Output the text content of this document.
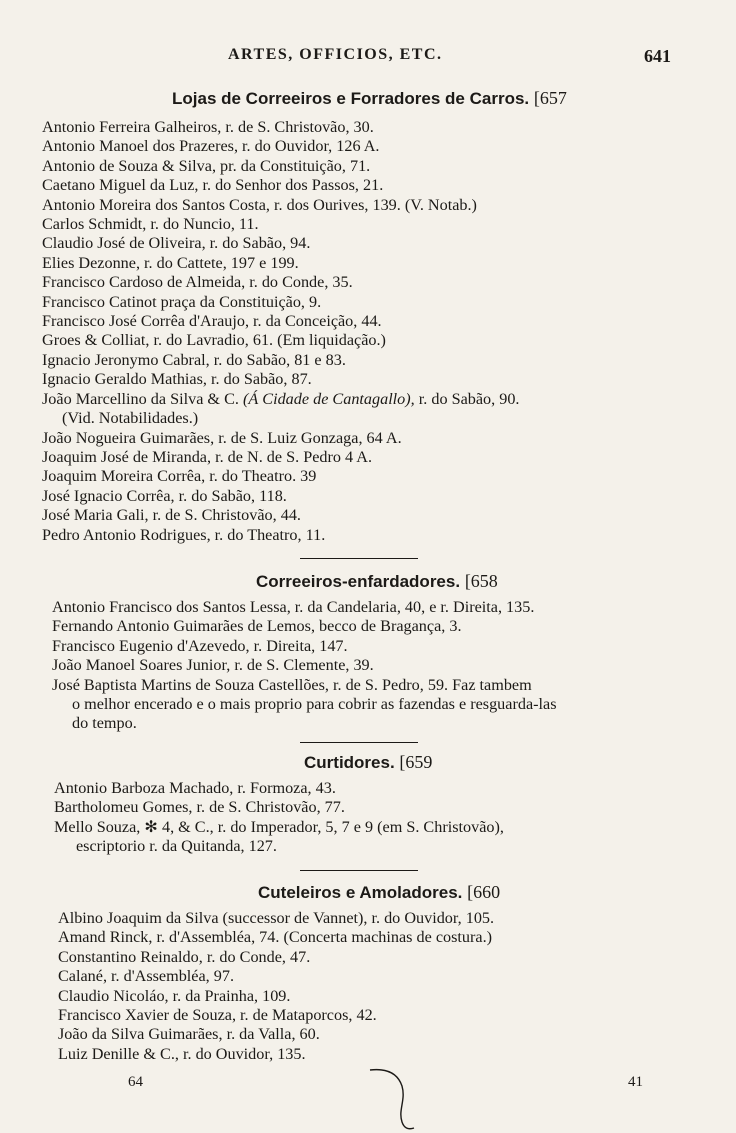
ARTES, OFFICIOS, ETC.	641
Lojas de Correeiros e Forradores de Carros. [657
Antonio Ferreira Galheiros, r. de S. Christovão, 30.
Antonio Manoel dos Prazeres, r. do Ouvidor, 126 A.
Antonio de Souza & Silva, pr. da Constituição, 71.
Caetano Miguel da Luz, r. do Senhor dos Passos, 21.
Antonio Moreira dos Santos Costa, r. dos Ourives, 139. (V. Notab.)
Carlos Schmidt, r. do Nuncio, 11.
Claudio José de Oliveira, r. do Sabão, 94.
Elies Dezonne, r. do Cattete, 197 e 199.
Francisco Cardoso de Almeida, r. do Conde, 35.
Francisco Catinot praça da Constituição, 9.
Francisco José Corrêa d'Araujo, r. da Conceição, 44.
Groes & Colliat, r. do Lavradio, 61. (Em liquidação.)
Ignacio Jeronymo Cabral, r. do Sabão, 81 e 83.
Ignacio Geraldo Mathias, r. do Sabão, 87.
João Marcellino da Silva & C. (Á Cidade de Cantagallo), r. do Sabão, 90.
(Vid. Notabilidades.)
João Nogueira Guimarães, r. de S. Luiz Gonzaga, 64 A.
Joaquim José de Miranda, r. de N. de S. Pedro 4 A.
Joaquim Moreira Corrêa, r. do Theatro. 39
José Ignacio Corrêa, r. do Sabão, 118.
José Maria Gali, r. de S. Christovão, 44.
Pedro Antonio Rodrigues, r. do Theatro, 11.
Correeiros-enfardadores. [658
Antonio Francisco dos Santos Lessa, r. da Candelaria, 40, e r. Direita, 135.
Fernando Antonio Guimarães de Lemos, becco de Bragança, 3.
Francisco Eugenio d'Azevedo, r. Direita, 147.
João Manoel Soares Junior, r. de S. Clemente, 39.
José Baptista Martins de Souza Castellões, r. de S. Pedro, 59. Faz tambem
o melhor encerado e o mais proprio para cobrir as fazendas e resguarda-las
do tempo.
Curtidores. [659
Antonio Barboza Machado, r. Formoza, 43.
Bartholomeu Gomes, r. de S. Christovão, 77.
Mello Souza, ✻ 4, & C., r. do Imperador, 5, 7 e 9 (em S. Christovão),
escriptorio r. da Quitanda, 127.
Cuteleiros e Amoladores. [660
Albino Joaquim da Silva (successor de Vannet), r. do Ouvidor, 105.
Amand Rinck, r. d'Assembléa, 74. (Concerta machinas de costura.)
Constantino Reinaldo, r. do Conde, 47.
Calané, r. d'Assembléa, 97.
Claudio Nicoláo, r. da Prainha, 109.
Francisco Xavier de Souza, r. de Mataporcos, 42.
João da Silva Guimarães, r. da Valla, 60.
Luiz Denille & C., r. do Ouvidor, 135.
64	41
